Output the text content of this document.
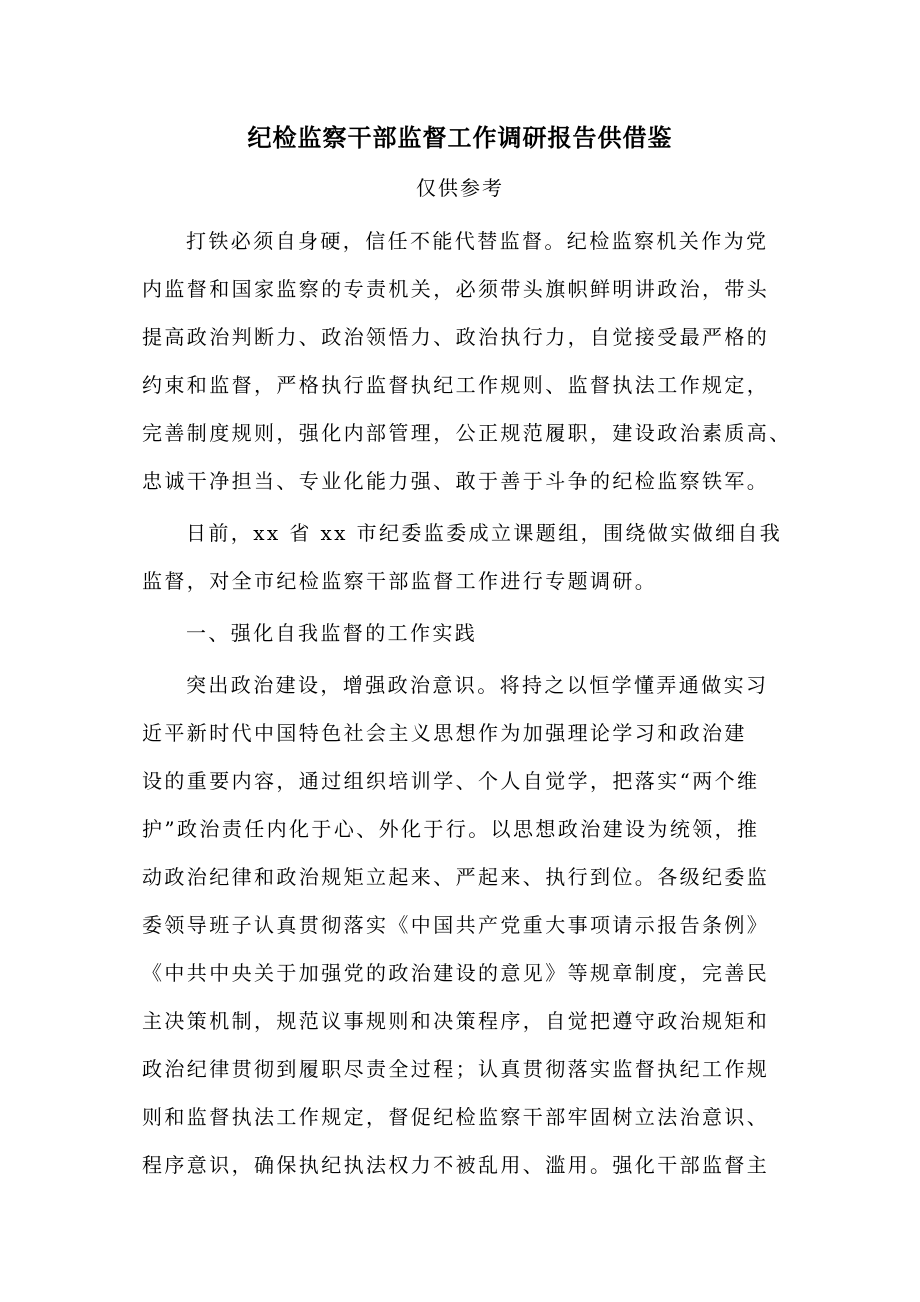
纪检监察干部监督工作调研报告供借鉴
仅供参考
打铁必须自身硬，信任不能代替监督。纪检监察机关作为党
内监督和国家监察的专责机关，必须带头旗帜鲜明讲政治，带头
提高政治判断力、政治领悟力、政治执行力，自觉接受最严格的
约束和监督，严格执行监督执纪工作规则、监督执法工作规定，
完善制度规则，强化内部管理，公正规范履职，建设政治素质高、
忠诚干净担当、专业化能力强、敢于善于斗争的纪检监察铁军。
日前，xx 省 xx 市纪委监委成立课题组，围绕做实做细自我
监督，对全市纪检监察干部监督工作进行专题调研。
一、强化自我监督的工作实践
突出政治建设，增强政治意识。将持之以恒学懂弄通做实习
近平新时代中国特色社会主义思想作为加强理论学习和政治建
设的重要内容，通过组织培训学、个人自觉学，把落实“两个维
护”政治责任内化于心、外化于行。以思想政治建设为统领，推
动政治纪律和政治规矩立起来、严起来、执行到位。各级纪委监
委领导班子认真贯彻落实《中国共产党重大事项请示报告条例》
《中共中央关于加强党的政治建设的意见》等规章制度，完善民
主决策机制，规范议事规则和决策程序，自觉把遵守政治规矩和
政治纪律贯彻到履职尽责全过程；认真贯彻落实监督执纪工作规
则和监督执法工作规定，督促纪检监察干部牢固树立法治意识、
程序意识，确保执纪执法权力不被乱用、滥用。强化干部监督主
